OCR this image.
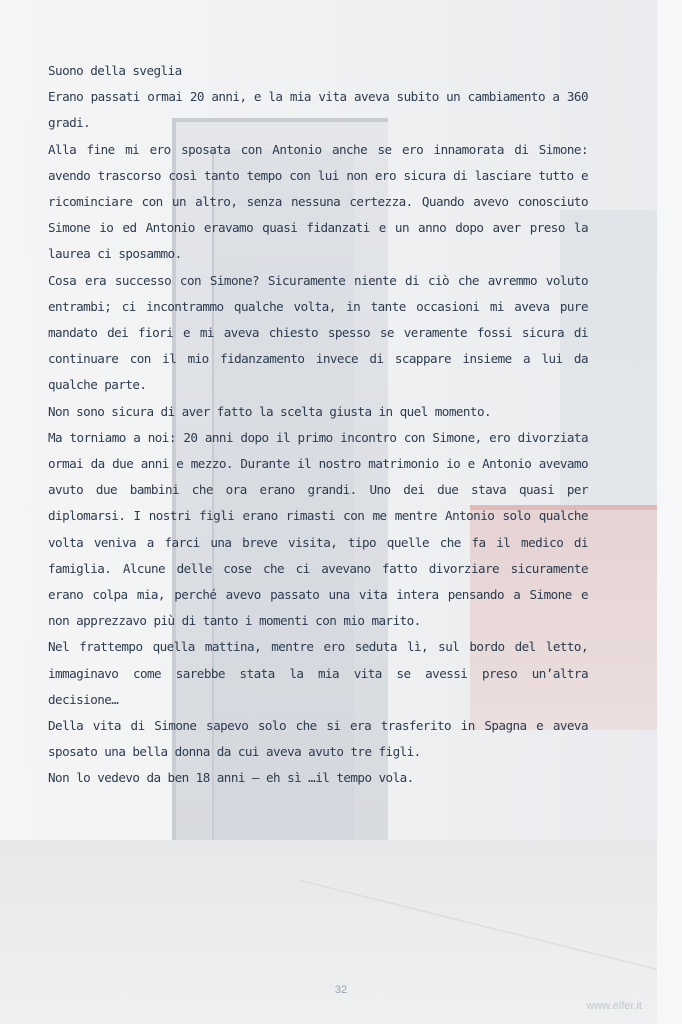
Suono della sveglia

Erano passati ormai 20 anni, e la mia vita aveva subito un cambiamento a 360 gradi.

Alla fine mi ero sposata con Antonio anche se ero innamorata di Simone: avendo trascorso così tanto tempo con lui non ero sicura di lasciare tutto e ricominciare con un altro, senza nessuna certezza. Quando avevo conosciuto Simone io ed Antonio eravamo quasi fidanzati e un anno dopo aver preso la laurea ci sposammo.

Cosa era successo con Simone? Sicuramente niente di ciò che avremmo voluto entrambi; ci incontrammo qualche volta, in tante occasioni mi aveva pure mandato dei fiori e mi aveva chiesto spesso se veramente fossi sicura di continuare con il mio fidanzamento invece di scappare insieme a lui da qualche parte.

Non sono sicura di aver fatto la scelta giusta in quel momento.

Ma torniamo a noi: 20 anni dopo il primo incontro con Simone, ero divorziata ormai da due anni e mezzo. Durante il nostro matrimonio io e Antonio avevamo avuto due bambini che ora erano grandi. Uno dei due stava quasi per diplomarsi. I nostri figli erano rimasti con me mentre Antonio solo qualche volta veniva a farci una breve visita, tipo quelle che fa il medico di famiglia. Alcune delle cose che ci avevano fatto divorziare sicuramente erano colpa mia, perché avevo passato una vita intera pensando a Simone e non apprezzavo più di tanto i momenti con mio marito.

Nel frattempo quella mattina, mentre ero seduta lì, sul bordo del letto, immaginavo come sarebbe stata la mia vita se avessi preso un’altra decisione…

Della vita di Simone sapevo solo che si era trasferito in Spagna e aveva sposato una bella donna da cui aveva avuto tre figli.

Non lo vedevo da ben 18 anni – eh sì …il tempo vola.

32
www.elfer.it
